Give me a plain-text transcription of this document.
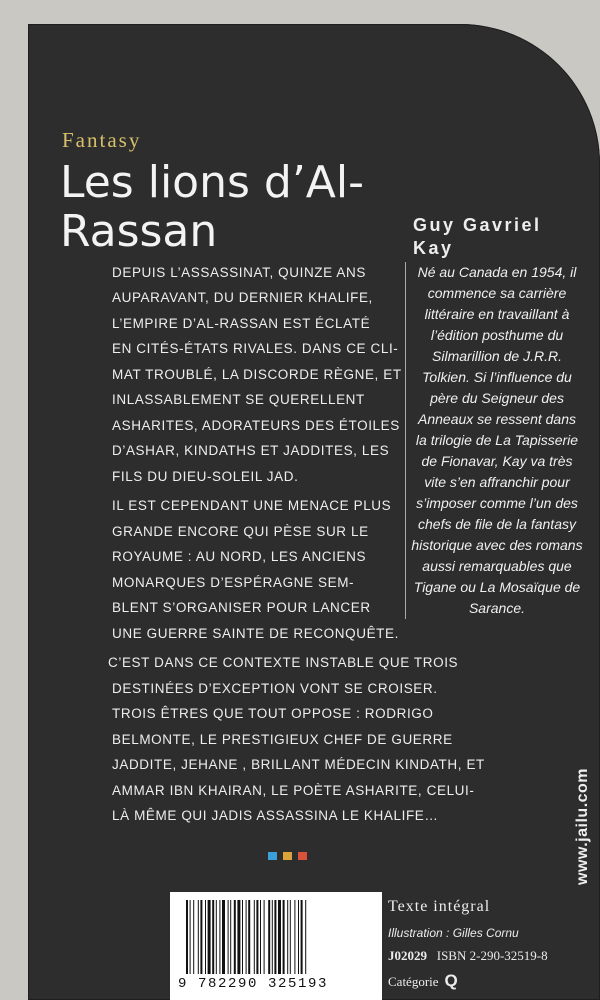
Fantasy
Les lions d’Al-Rassan	Guy Gavriel Kay
Né au Canada en 1954, il commence sa carrière littéraire en travaillant à l’édition posthume du Silmarillion de J.R.R. Tolkien. Si l’influence du père du Seigneur des Anneaux se ressent dans la trilogie de La Tapisserie de Fionavar, Kay va très vite s’en affranchir pour s’imposer comme l’un des chefs de file de la fantasy historique avec des romans aussi remarquables que Tigane ou La Mosaïque de Sarance.
DEPUIS L’ASSASSINAT, QUINZE ANS
AUPARAVANT, DU DERNIER KHALIFE,
L’EMPIRE D’AL-RASSAN EST ÉCLATÉ
EN CITÉS-ÉTATS RIVALES. DANS CE CLI-
MAT TROUBLÉ, LA DISCORDE RÈGNE, ET
INLASSABLEMENT SE QUERELLENT
ASHARITES, ADORATEURS DES ÉTOILES
D’ASHAR, KINDATHS ET JADDITES, LES
FILS DU DIEU-SOLEIL JAD.
IL EST CEPENDANT UNE MENACE PLUS
GRANDE ENCORE QUI PÈSE SUR LE
ROYAUME : AU NORD, LES ANCIENS
MONARQUES D’ESPÉRAGNE SEM-
BLENT S’ORGANISER POUR LANCER
UNE GUERRE SAINTE DE RECONQUÊTE.
C’EST DANS CE CONTEXTE INSTABLE QUE TROIS
DESTINÉES D’EXCEPTION VONT SE CROISER.
TROIS ÊTRES QUE TOUT OPPOSE : RODRIGO
BELMONTE, LE PRESTIGIEUX CHEF DE GUERRE
JADDITE, JEHANE , BRILLANT MÉDECIN KINDATH, ET
AMMAR IBN KHAIRAN, LE POÈTE ASHARITE, CELUI-
LÀ MÊME QUI JADIS ASSASSINA LE KHALIFE…	www.jailu.com
9 782290 325193
Texte intégral
Illustration : Gilles Cornu
J02029 ISBN 2-290-32519-8
Catégorie Q
